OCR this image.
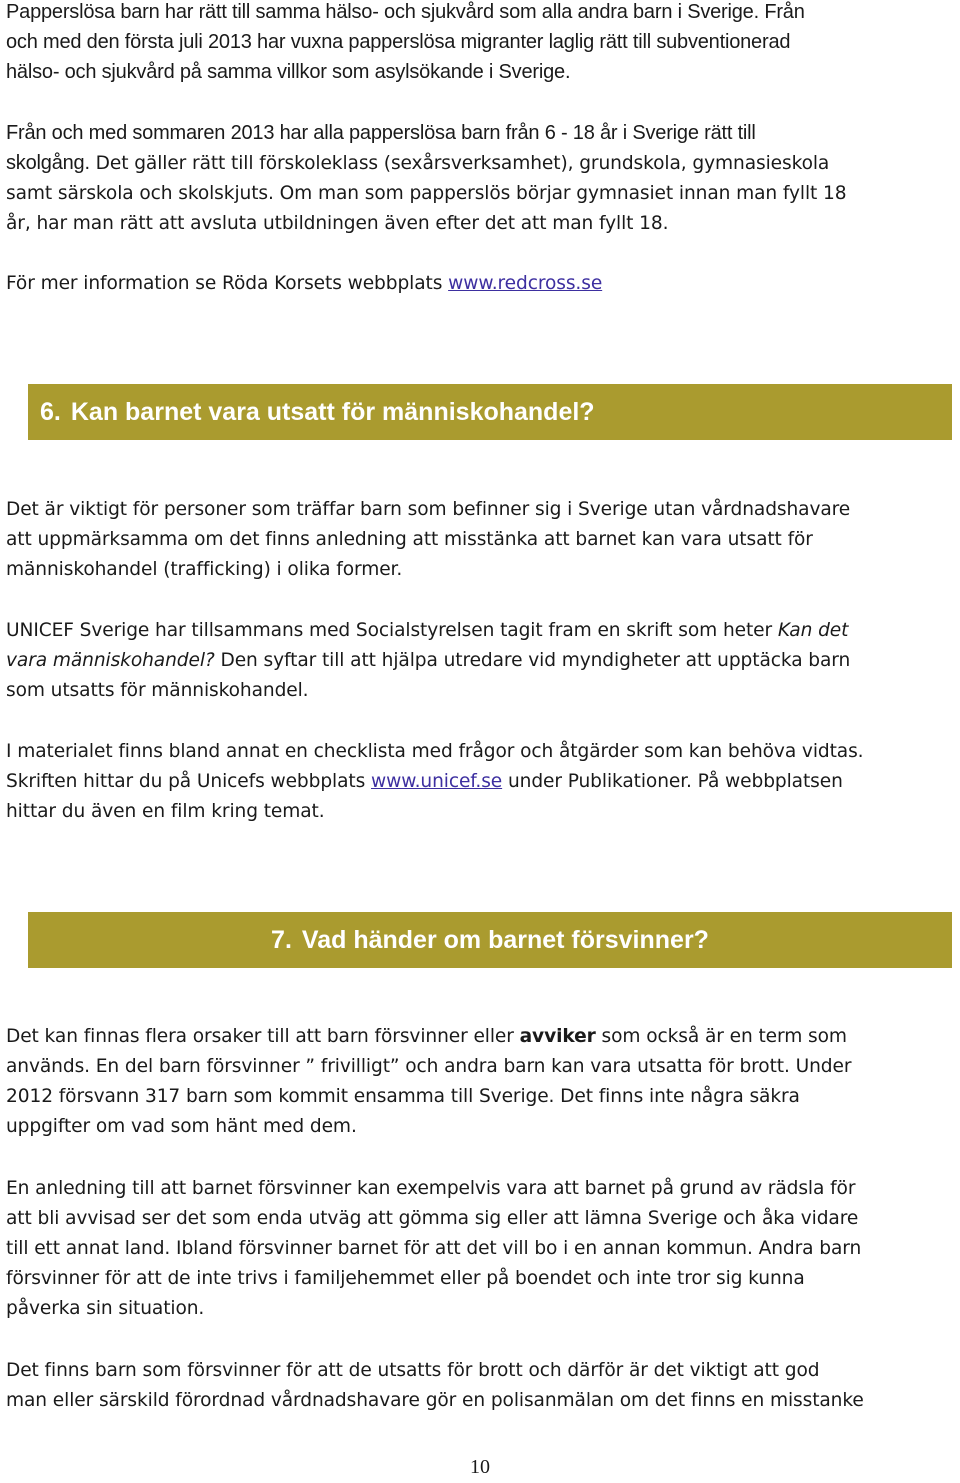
Papperslösa barn har rätt till samma hälso- och sjukvård som alla andra barn i Sverige. Från
och med den första juli 2013 har vuxna papperslösa migranter laglig rätt till subventionerad
hälso- och sjukvård på samma villkor som asylsökande i Sverige.
Från och med sommaren 2013 har alla papperslösa barn från 6 - 18 år i Sverige rätt till
skolgång. Det gäller rätt till förskoleklass (sexårsverksamhet), grundskola, gymnasieskola
samt särskola och skolskjuts. Om man som papperslös börjar gymnasiet innan man fyllt 18
år, har man rätt att avsluta utbildningen även efter det att man fyllt 18.
För mer information se Röda Korsets webbplats www.redcross.se
6. Kan barnet vara utsatt för människohandel?
Det är viktigt för personer som träffar barn som befinner sig i Sverige utan vårdnadshavare
att uppmärksamma om det finns anledning att misstänka att barnet kan vara utsatt för
människohandel (trafficking) i olika former.
UNICEF Sverige har tillsammans med Socialstyrelsen tagit fram en skrift som heter Kan det
vara människohandel? Den syftar till att hjälpa utredare vid myndigheter att upptäcka barn
som utsatts för människohandel.
I materialet finns bland annat en checklista med frågor och åtgärder som kan behöva vidtas.
Skriften hittar du på Unicefs webbplats www.unicef.se under Publikationer. På webbplatsen
hittar du även en film kring temat.
7. Vad händer om barnet försvinner?
Det kan finnas flera orsaker till att barn försvinner eller avviker som också är en term som
används. En del barn försvinner ” frivilligt” och andra barn kan vara utsatta för brott. Under
2012 försvann 317 barn som kommit ensamma till Sverige. Det finns inte några säkra
uppgifter om vad som hänt med dem.
En anledning till att barnet försvinner kan exempelvis vara att barnet på grund av rädsla för
att bli avvisad ser det som enda utväg att gömma sig eller att lämna Sverige och åka vidare
till ett annat land. Ibland försvinner barnet för att det vill bo i en annan kommun. Andra barn
försvinner för att de inte trivs i familjehemmet eller på boendet och inte tror sig kunna
påverka sin situation.
Det finns barn som försvinner för att de utsatts för brott och därför är det viktigt att god
man eller särskild förordnad vårdnadshavare gör en polisanmälan om det finns en misstanke
10
